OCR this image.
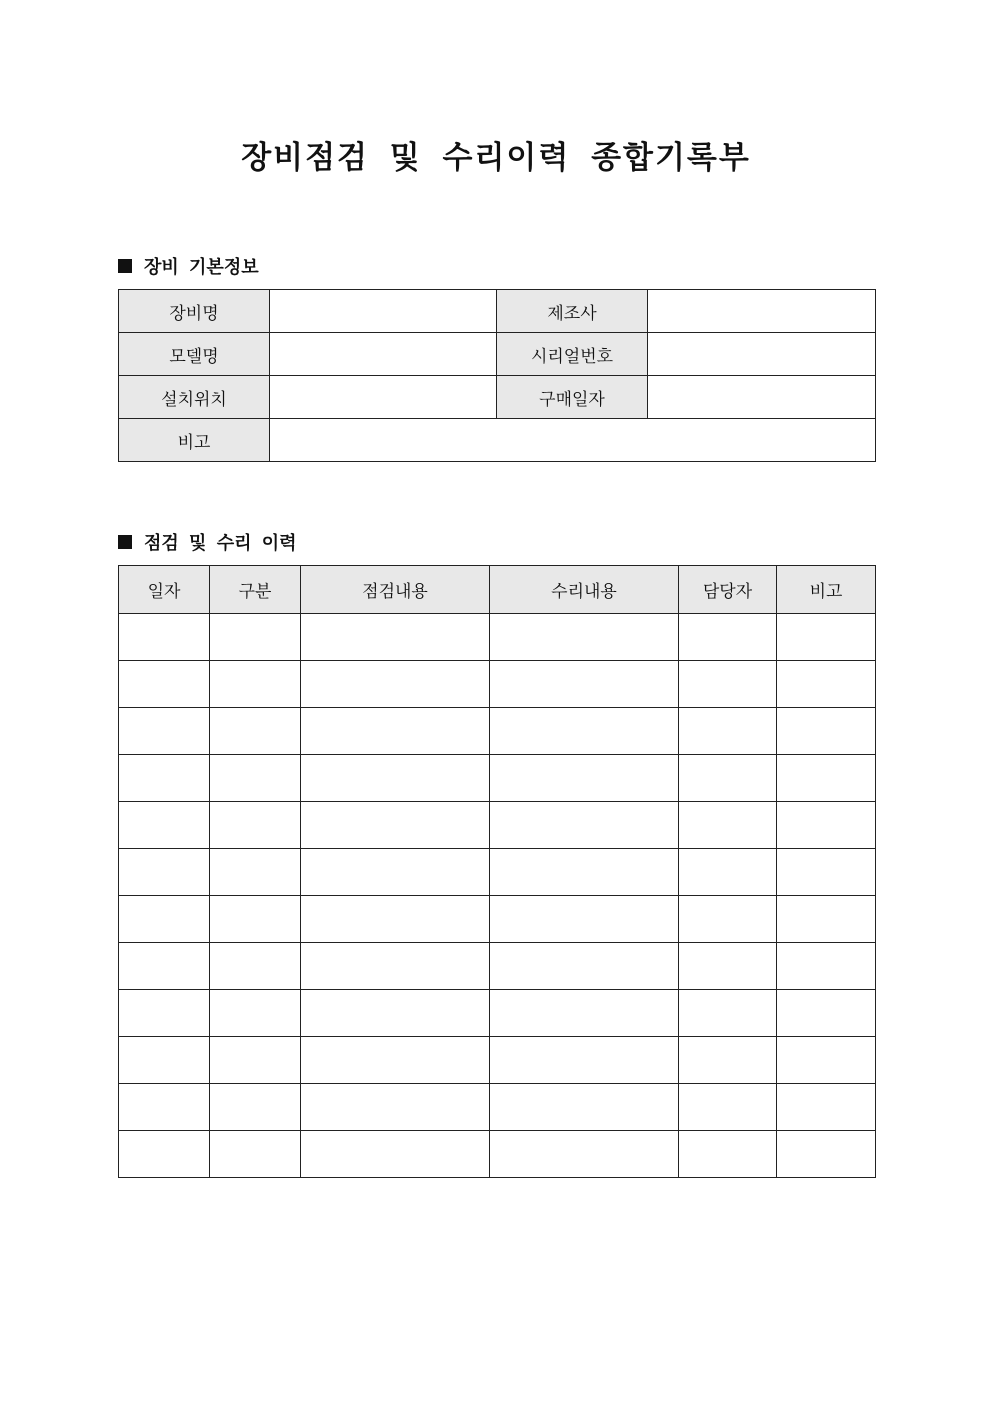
장비점검 및 수리이력 종합기록부
장비 기본정보
장비명		제조사	
모델명		시리얼번호	
설치위치		구매일자	
비고			
점검 및 수리 이력
일자	구분	점검내용	수리내용	담당자	비고
